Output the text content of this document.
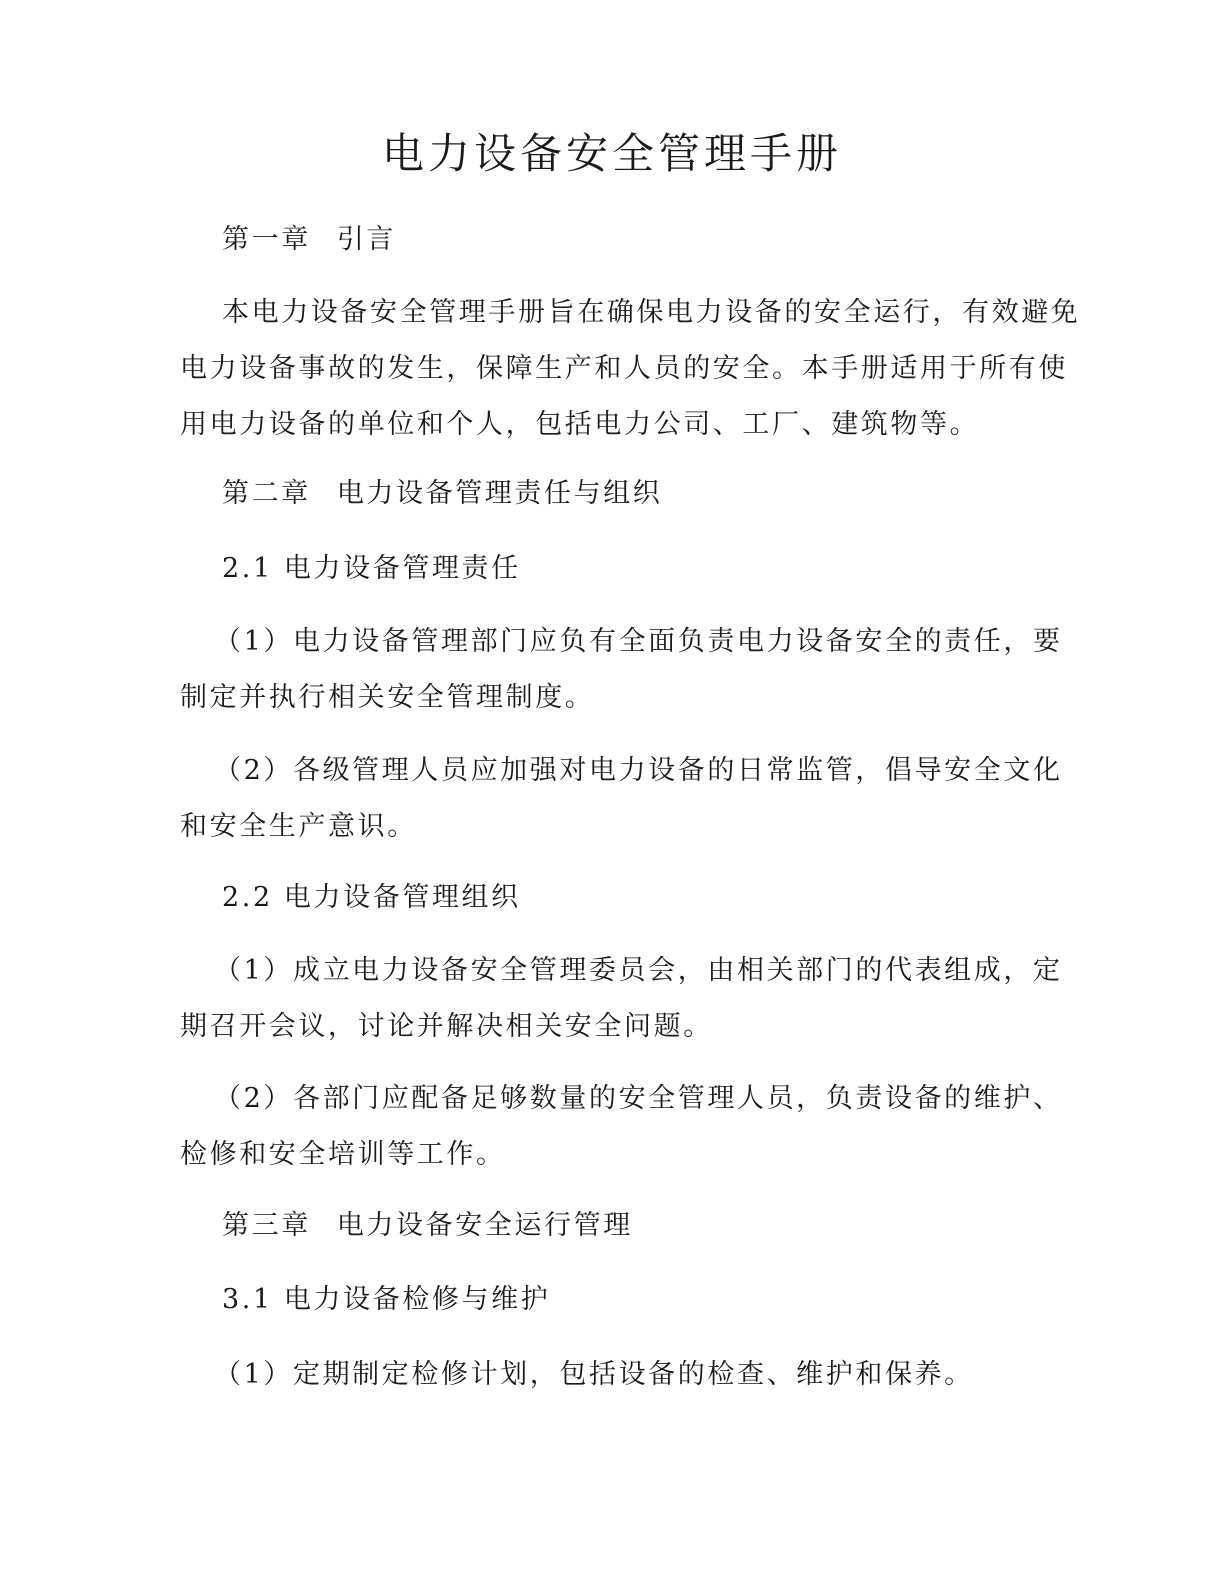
电力设备安全管理手册
第一章 引言
本电力设备安全管理手册旨在确保电力设备的安全运行，有效避免
电力设备事故的发生，保障生产和人员的安全。本手册适用于所有使
用电力设备的单位和个人，包括电力公司、工厂、建筑物等。
第二章 电力设备管理责任与组织
2.1 电力设备管理责任
（1）电力设备管理部门应负有全面负责电力设备安全的责任，要
制定并执行相关安全管理制度。
（2）各级管理人员应加强对电力设备的日常监管，倡导安全文化
和安全生产意识。
2.2 电力设备管理组织
（1）成立电力设备安全管理委员会，由相关部门的代表组成，定
期召开会议，讨论并解决相关安全问题。
（2）各部门应配备足够数量的安全管理人员，负责设备的维护、
检修和安全培训等工作。
第三章 电力设备安全运行管理
3.1 电力设备检修与维护
（1）定期制定检修计划，包括设备的检查、维护和保养。
